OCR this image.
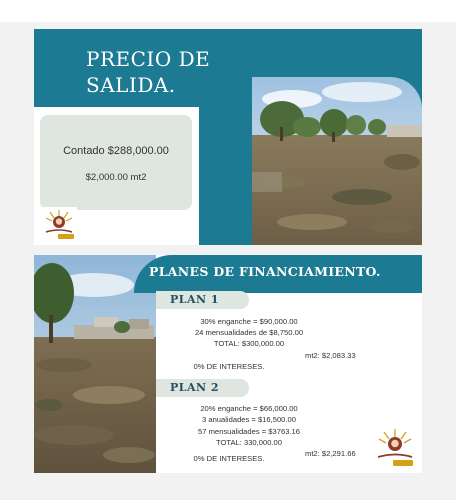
PRECIO DE
SALIDA.
Contado $288,000.00
$2,000.00 mt2
PLANES DE FINANCIAMIENTO.
PLAN 1
30% enganche = $90,000.00
24 mensualidades de $8,750.00
TOTAL: $300,000.00
mt2: $2,083.33
0% DE INTERESES.
PLAN 2
20% enganche = $66,000.00
3 anualidades = $16,500.00
57 mensualidades = $3763.16
TOTAL: 330,000.00
mt2: $2,291.66
0% DE INTERESES.
